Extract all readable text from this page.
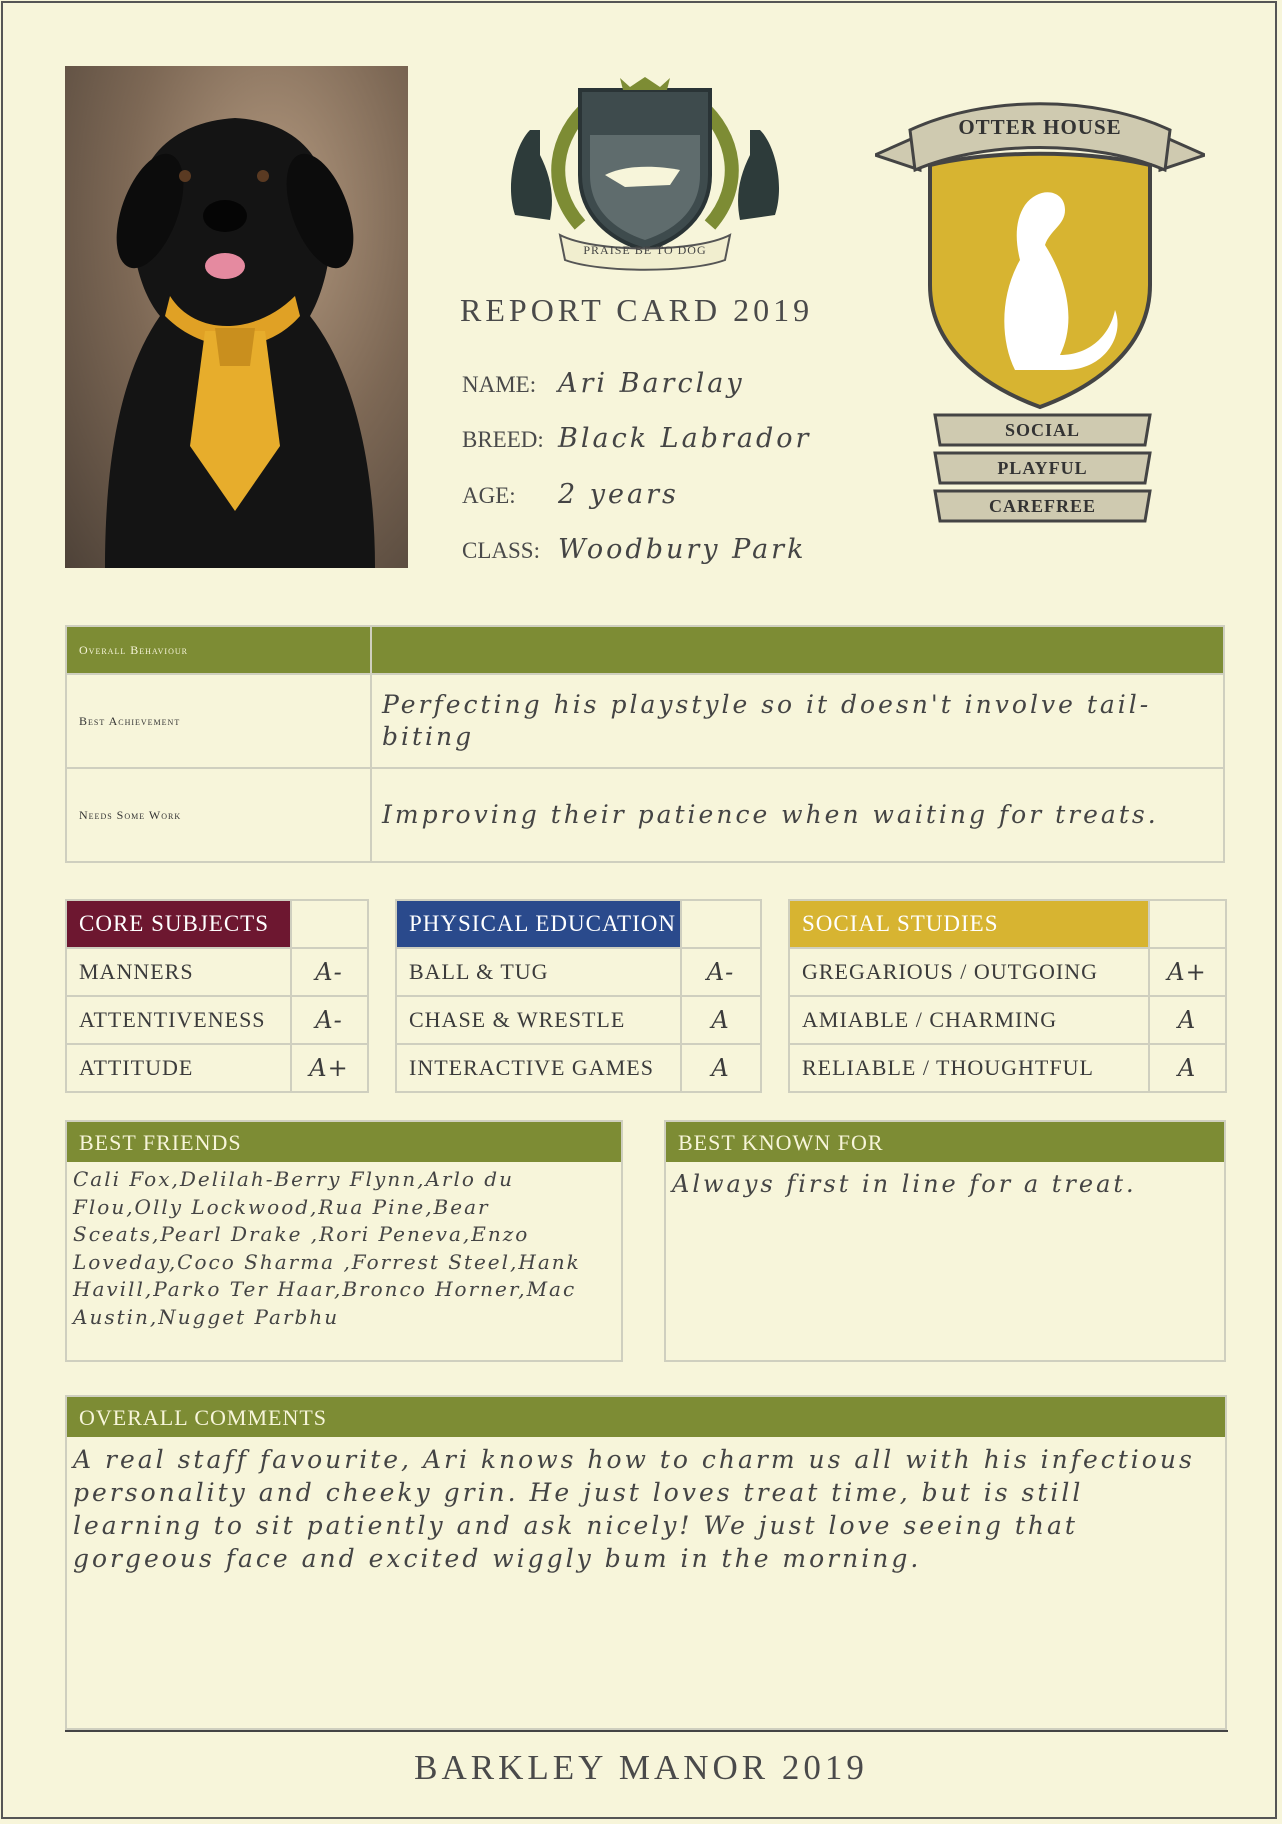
PRAISE BE TO DOG
OTTER HOUSE
SOCIAL
PLAYFUL
CAREFREE
REPORT CARD 2019
NAME: Ari Barclay
BREED: Black Labrador
AGE: 2 years
CLASS: Woodbury Park
Overall Behaviour	
Best Achievement	Perfecting his playstyle so it doesn't involve tail-biting
Needs Some Work	Improving their patience when waiting for treats.
CORE SUBJECTS	
MANNERS	A-
ATTENTIVENESS	A-
ATTITUDE	A+
PHYSICAL EDUCATION	
BALL & TUG	A-
CHASE & WRESTLE	A
INTERACTIVE GAMES	A
SOCIAL STUDIES	
GREGARIOUS / OUTGOING	A+
AMIABLE / CHARMING	A
RELIABLE / THOUGHTFUL	A
BEST FRIENDS
Cali Fox,Delilah-Berry Flynn,Arlo du Flou,Olly Lockwood,Rua Pine,Bear Sceats,Pearl Drake ,Rori Peneva,Enzo Loveday,Coco Sharma ,Forrest Steel,Hank Havill,Parko Ter Haar,Bronco Horner,Mac Austin,Nugget Parbhu
BEST KNOWN FOR
Always first in line for a treat.
OVERALL COMMENTS
A real staff favourite, Ari knows how to charm us all with his infectious personality and cheeky grin. He just loves treat time, but is still learning to sit patiently and ask nicely! We just love seeing that gorgeous face and excited wiggly bum in the morning.
BARKLEY MANOR 2019
